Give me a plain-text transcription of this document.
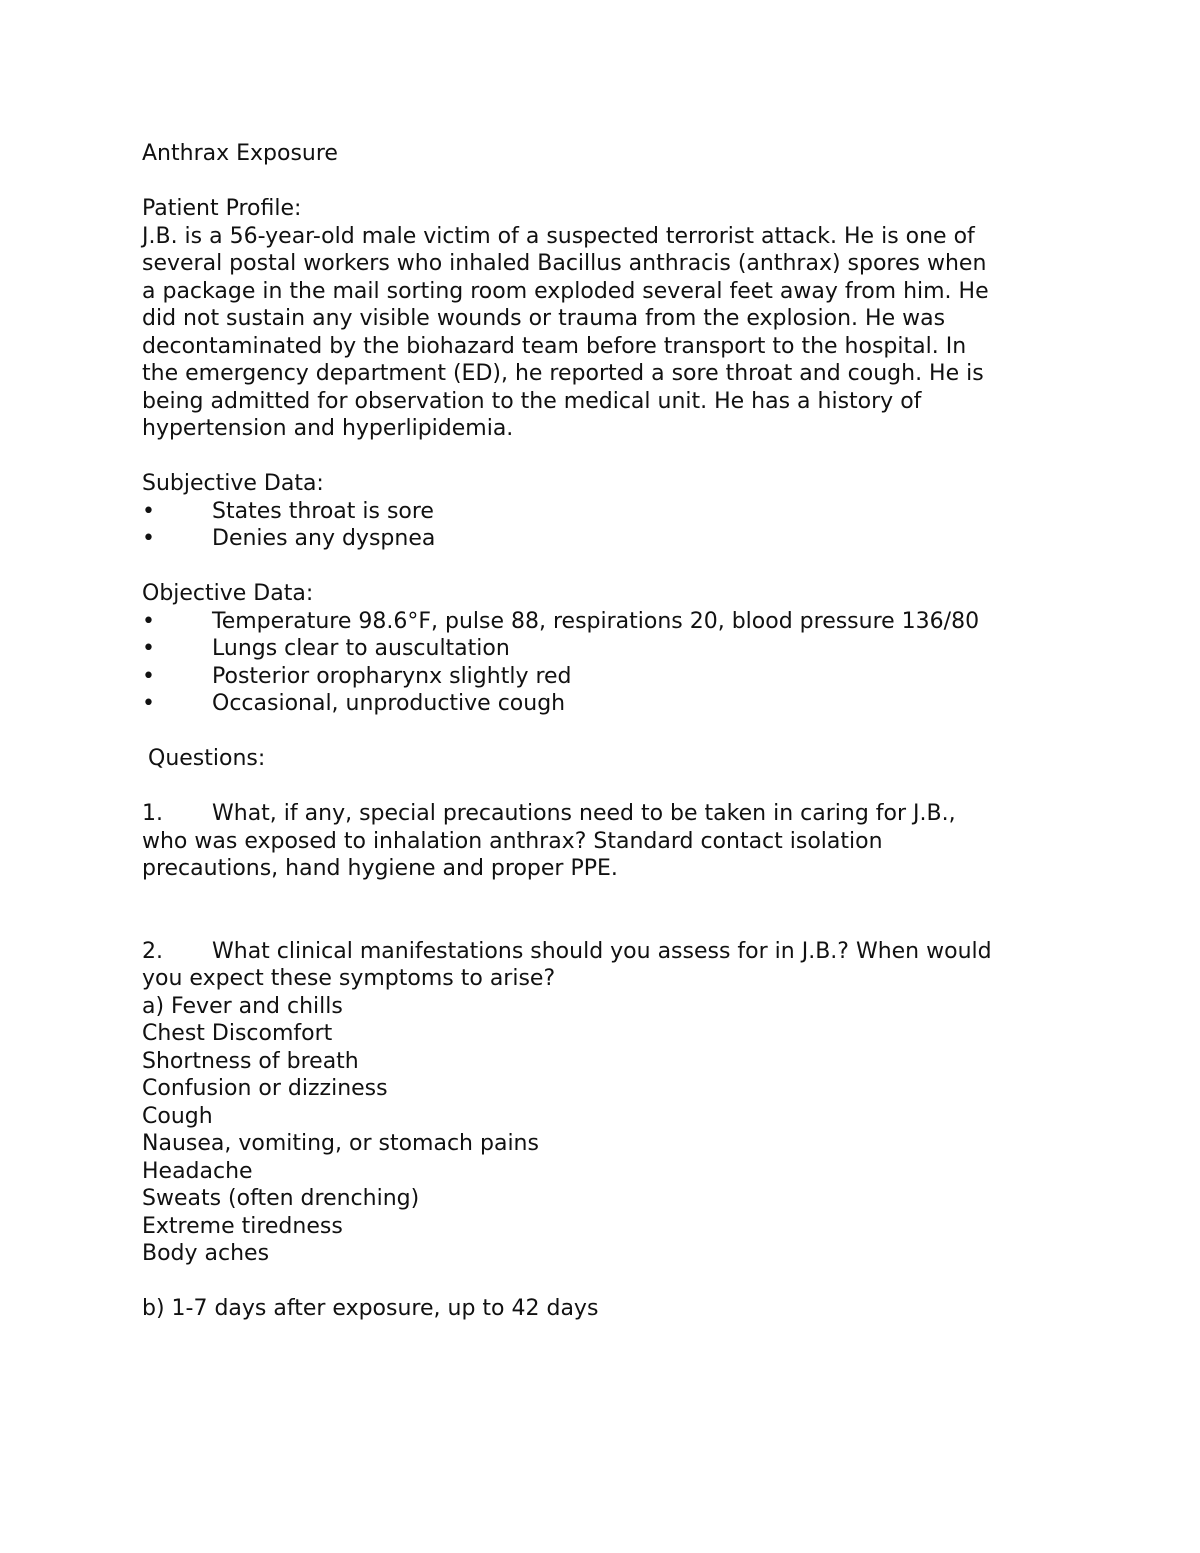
Anthrax Exposure
Patient Profile:
J.B. is a 56-year-old male victim of a suspected terrorist attack. He is one of
several postal workers who inhaled Bacillus anthracis (anthrax) spores when
a package in the mail sorting room exploded several feet away from him. He
did not sustain any visible wounds or trauma from the explosion. He was
decontaminated by the biohazard team before transport to the hospital. In
the emergency department (ED), he reported a sore throat and cough. He is
being admitted for observation to the medical unit. He has a history of
hypertension and hyperlipidemia.
Subjective Data:
•	States throat is sore
•	Denies any dyspnea
Objective Data:
•	Temperature 98.6°F, pulse 88, respirations 20, blood pressure 136/80
•	Lungs clear to auscultation
•	Posterior oropharynx slightly red
•	Occasional, unproductive cough
Questions:
1. What, if any, special precautions need to be taken in caring for J.B.,
who was exposed to inhalation anthrax? Standard contact isolation
precautions, hand hygiene and proper PPE.
2. What clinical manifestations should you assess for in J.B.? When would
you expect these symptoms to arise?
a) Fever and chills
Chest Discomfort
Shortness of breath
Confusion or dizziness
Cough
Nausea, vomiting, or stomach pains
Headache
Sweats (often drenching)
Extreme tiredness
Body aches
b) 1-7 days after exposure, up to 42 days
